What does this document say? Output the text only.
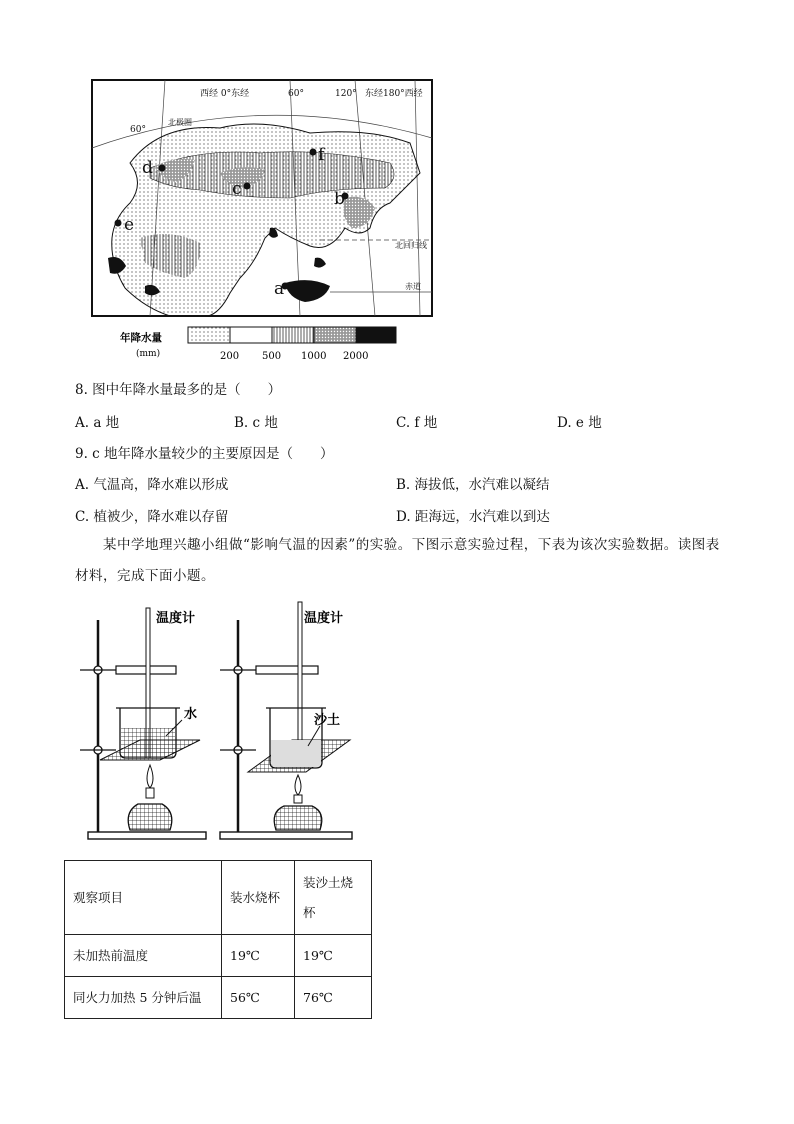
d
e
c
f
b
a
西经 0°东经	60°	120° 东经180°西经
60°
北极圈
北回归线
赤道
年降水量
(mm)	200 500 1000 2000
8. 图中年降水量最多的是（　　）
A. a 地	B. c 地	C. f 地	D. e 地
9. c 地年降水量较少的主要原因是（　　）
A. 气温高，降水难以形成	B. 海拔低，水汽难以凝结
C. 植被少，降水难以存留	D. 距海远，水汽难以到达
某中学地理兴趣小组做“影响气温的因素”的实验。下图示意实验过程，下表为该次实验数据。读图表材料，完成下面小题。
温度计
水
温度计
沙土
观察项目	装水烧杯	装沙土烧杯
未加热前温度	19℃	19℃
同火力加热 5 分钟后温	56℃	76℃
